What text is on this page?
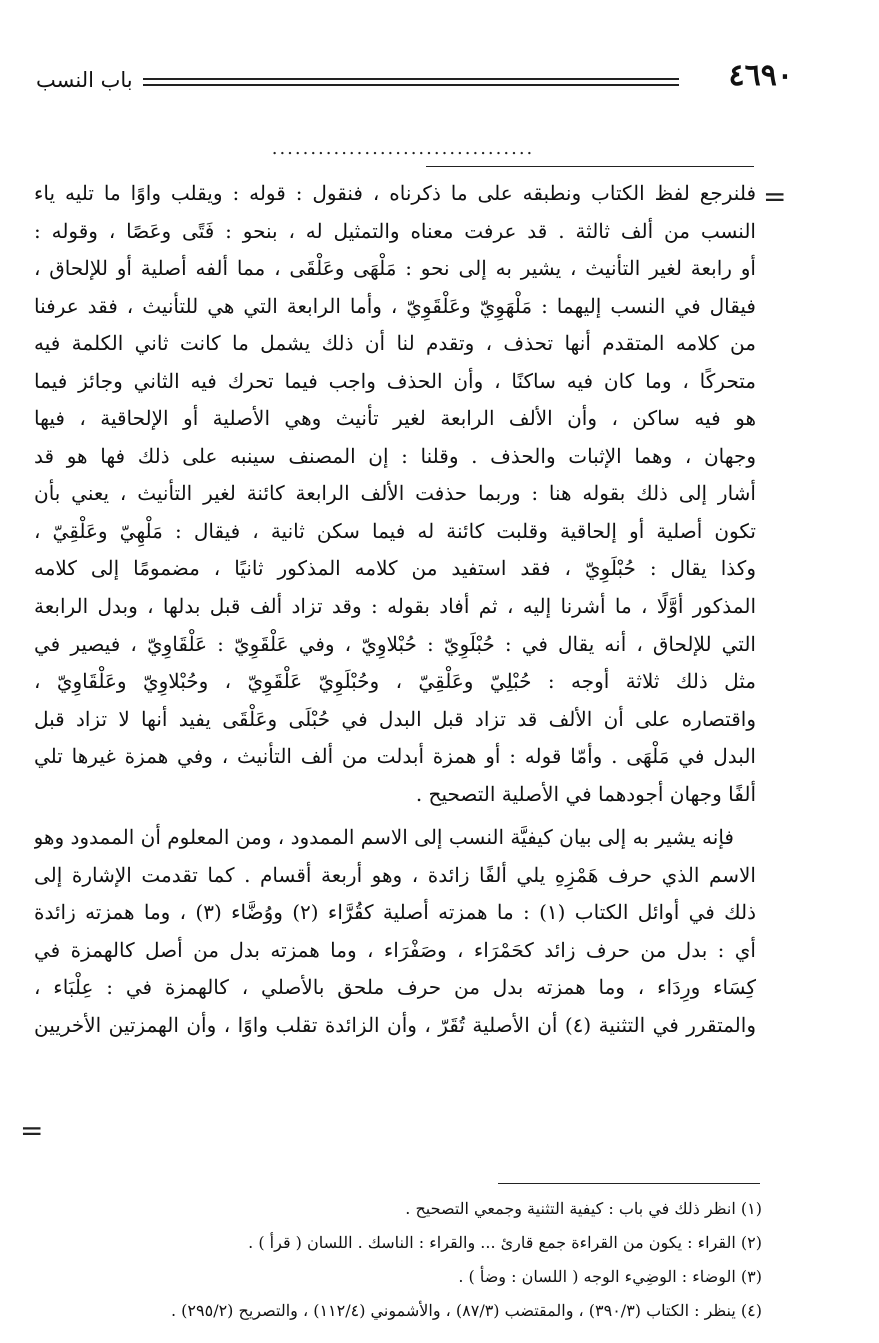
٤٦٩٠
باب النسب
..................................
=
=
فلنرجع لفظ الكتاب ونطبقه على ما ذكرناه ، فنقول : قوله : ويقلب واوًا ما تليه ياء
النسب من ألف ثالثة . قد عرفت معناه والتمثيل له ، بنحو : فَتًى وعَصًا ، وقوله :
أو رابعة لغير التأنيث ، يشير به إلى نحو : مَلْهَى وعَلْقَى ، مما ألفه أصلية أو للإلحاق ،
فيقال في النسب إليهما : مَلْهَوِيّ وعَلْقَوِيّ ، وأما الرابعة التي هي للتأنيث ، فقد عرفنا
من كلامه المتقدم أنها تحذف ، وتقدم لنا أن ذلك يشمل ما كانت ثاني الكلمة فيه
متحركًا ، وما كان فيه ساكنًا ، وأن الحذف واجب فيما تحرك فيه الثاني وجائز فيما
هو فيه ساكن ، وأن الألف الرابعة لغير تأنيث وهي الأصلية أو الإلحاقية ، فيها
وجهان ، وهما الإثبات والحذف . وقلنا : إن المصنف سينبه على ذلك فها هو قد
أشار إلى ذلك بقوله هنا : وربما حذفت الألف الرابعة كائنة لغير التأنيث ، يعني بأن
تكون أصلية أو إلحاقية وقلبت كائنة له فيما سكن ثانية ، فيقال : مَلْهِيّ وعَلْقِيّ ،
وكذا يقال : حُبْلَوِيّ ، فقد استفيد من كلامه المذكور ثانيًا ، مضمومًا إلى كلامه
المذكور أوَّلًا ، ما أشرنا إليه ، ثم أفاد بقوله : وقد تزاد ألف قبل بدلها ، وبدل الرابعة
التي للإلحاق ، أنه يقال في : حُبْلَوِيّ : حُبْلاوِيّ ، وفي عَلْقَوِيّ : عَلْقَاوِيّ ، فيصير في
مثل ذلك ثلاثة أوجه : حُبْلِيّ وعَلْقِيّ ، وحُبْلَوِيّ عَلْقَوِيّ ، وحُبْلاوِيّ وعَلْقَاوِيّ ،
واقتصاره على أن الألف قد تزاد قبل البدل في حُبْلَى وعَلْقَى يفيد أنها لا تزاد قبل
البدل في مَلْهَى . وأمّا قوله : أو همزة أبدلت من ألف التأنيث ، وفي همزة غيرها تلي
ألفًا وجهان أجودهما في الأصلية التصحيح .
فإنه يشير به إلى بيان كيفيَّة النسب إلى الاسم الممدود ، ومن المعلوم أن الممدود وهو
الاسم الذي حرف هَمْزِهِ يلي ألفًا زائدة ، وهو أربعة أقسام . كما تقدمت الإشارة إلى
ذلك في أوائل الكتاب (١) : ما همزته أصلية كقُرَّاء (٢) ووُضَّاء (٣) ، وما همزته زائدة
أي : بدل من حرف زائد كحَمْرَاء ، وصَفْرَاء ، وما همزته بدل من أصل كالهمزة في
كِسَاء ورِدَاء ، وما همزته بدل من حرف ملحق بالأصلي ، كالهمزة في : عِلْبَاء ،
والمتقرر في التثنية (٤) أن الأصلية تُقَرّ ، وأن الزائدة تقلب واوًا ، وأن الهمزتين الأخريين
(١) انظر ذلك في باب : كيفية التثنية وجمعي التصحيح .
(٢) القراء : يكون من القراءة جمع قارئ ... والقراء : الناسك . اللسان ( قرأ ) .
(٣) الوضاء : الوضِيء الوجه ( اللسان : وضأ ) .
(٤) ينظر : الكتاب (٣٩٠/٣) ، والمقتضب (٨٧/٣) ، والأشموني (١١٢/٤) ، والتصريح (٢٩٥/٢) .
